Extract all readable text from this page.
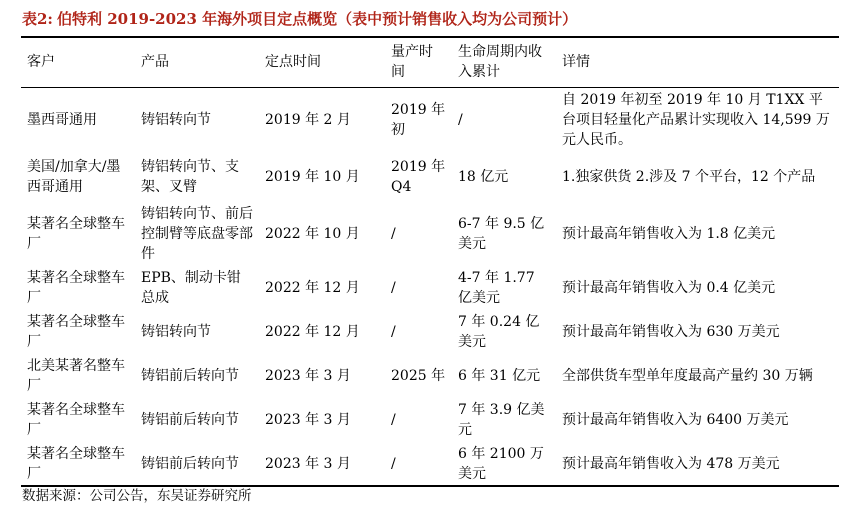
表2: 伯特利 2019-2023 年海外项目定点概览（表中预计销售收入均为公司预计）
客户	产品	定点时间	量产时间	生命周期内收入累计	详情
墨西哥通用	铸铝转向节	2019 年 2 月	2019 年初	/	自 2019 年初至 2019 年 10 月 T1XX 平台项目轻量化产品累计实现收入 14,599 万元人民币。
美国/加拿大/墨西哥通用	铸铝转向节、支架、叉臂	2019 年 10 月	2019 年 Q4	18 亿元	1.独家供货 2.涉及 7 个平台，12 个产品
某著名全球整车厂	铸铝转向节、前后控制臂等底盘零部件	2022 年 10 月	/	6-7 年 9.5 亿美元	预计最高年销售收入为 1.8 亿美元
某著名全球整车厂	EPB、制动卡钳总成	2022 年 12 月	/	4-7 年 1.77 亿美元	预计最高年销售收入为 0.4 亿美元
某著名全球整车厂	铸铝转向节	2022 年 12 月	/	7 年 0.24 亿美元	预计最高年销售收入为 630 万美元
北美某著名整车厂	铸铝前后转向节	2023 年 3 月	2025 年	6 年 31 亿元	全部供货车型单年度最高产量约 30 万辆
某著名全球整车厂	铸铝前后转向节	2023 年 3 月	/	7 年 3.9 亿美元	预计最高年销售收入为 6400 万美元
某著名全球整车厂	铸铝前后转向节	2023 年 3 月	/	6 年 2100 万美元	预计最高年销售收入为 478 万美元
数据来源：公司公告，东吴证券研究所
